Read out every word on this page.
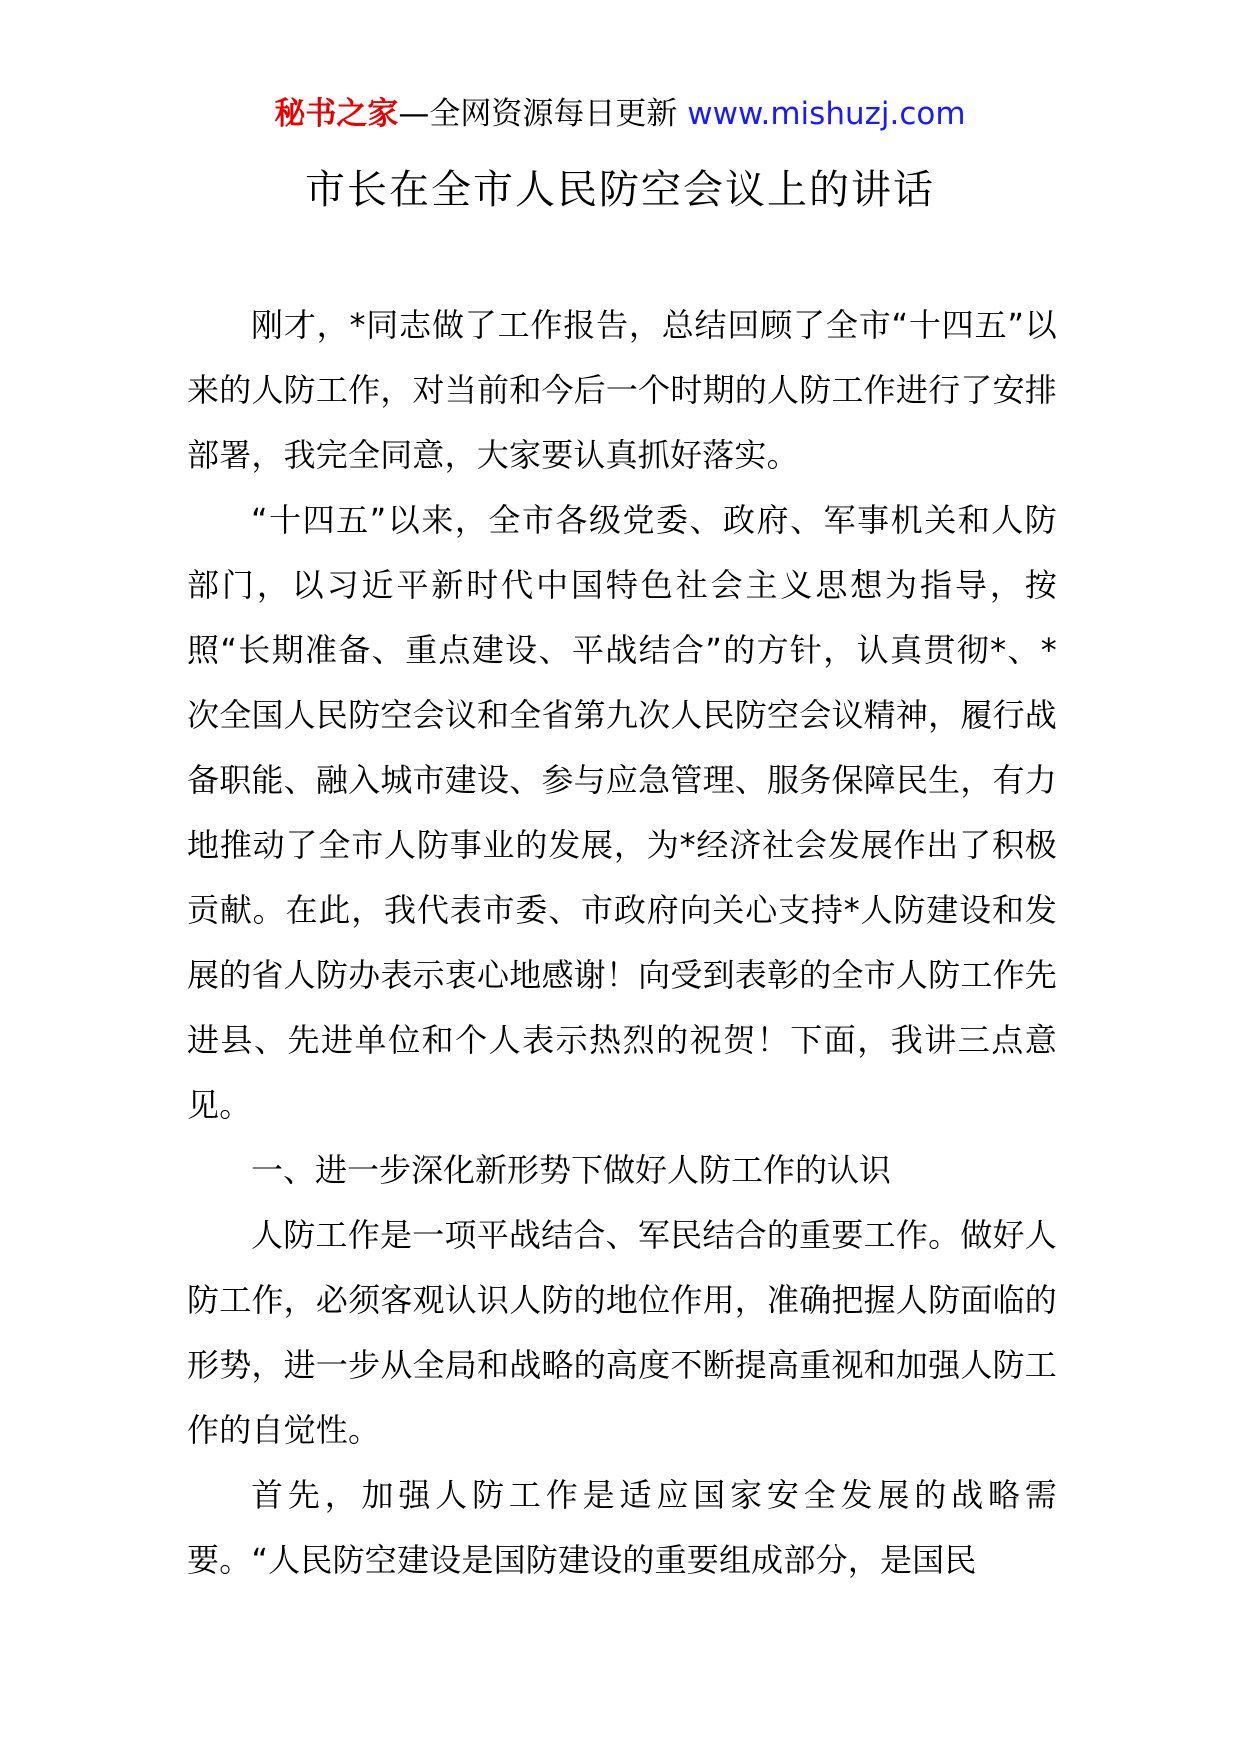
秘书之家—全网资源每日更新 www.mishuzj.com
市长在全市人民防空会议上的讲话

刚才，*同志做了工作报告，总结回顾了全市“十四五”以来的人防工作，对当前和今后一个时期的人防工作进行了安排部署，我完全同意，大家要认真抓好落实。

“十四五”以来，全市各级党委、政府、军事机关和人防部门，以习近平新时代中国特色社会主义思想为指导，按照“长期准备、重点建设、平战结合”的方针，认真贯彻*、*次全国人民防空会议和全省第九次人民防空会议精神，履行战备职能、融入城市建设、参与应急管理、服务保障民生，有力地推动了全市人防事业的发展，为*经济社会发展作出了积极贡献。在此，我代表市委、市政府向关心支持*人防建设和发展的省人防办表示衷心地感谢！向受到表彰的全市人防工作先进县、先进单位和个人表示热烈的祝贺！下面，我讲三点意见。

一、进一步深化新形势下做好人防工作的认识

人防工作是一项平战结合、军民结合的重要工作。做好人防工作，必须客观认识人防的地位作用，准确把握人防面临的形势，进一步从全局和战略的高度不断提高重视和加强人防工作的自觉性。

首先，加强人防工作是适应国家安全发展的战略需要。“人民防空建设是国防建设的重要组成部分，是国民
